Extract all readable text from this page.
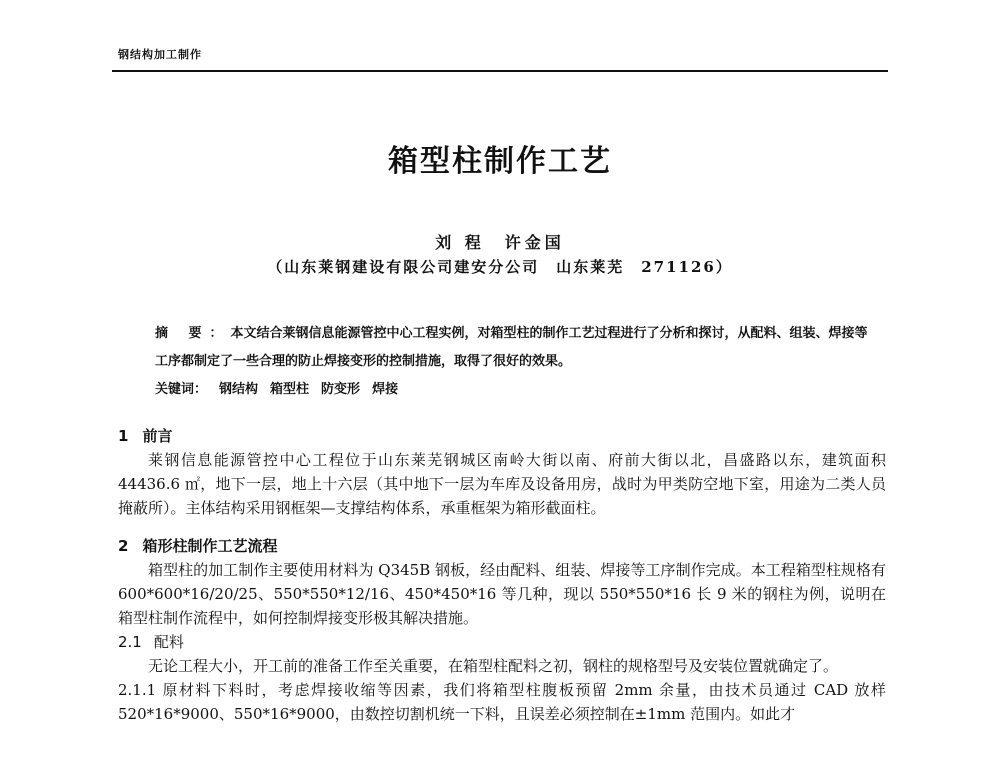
钢结构加工制作
箱型柱制作工艺
刘 程　许金国
（山东莱钢建设有限公司建安分公司　山东莱芜　271126）
摘 要：本文结合莱钢信息能源管控中心工程实例，对箱型柱的制作工艺过程进行了分析和探讨，从配料、组装、焊接等工序都制定了一些合理的防止焊接变形的控制措施，取得了很好的效果。
关键词： 钢结构 箱型柱 防变形 焊接
1 前言
莱钢信息能源管控中心工程位于山东莱芜钢城区南岭大街以南、府前大街以北，昌盛路以东，建筑面积 44436.6 ㎡，地下一层，地上十六层（其中地下一层为车库及设备用房，战时为甲类防空地下室，用途为二类人员掩蔽所）。主体结构采用钢框架—支撑结构体系，承重框架为箱形截面柱。
2 箱形柱制作工艺流程
箱型柱的加工制作主要使用材料为 Q345B 钢板，经由配料、组装、焊接等工序制作完成。本工程箱型柱规格有 600*600*16/20/25、550*550*12/16、450*450*16 等几种，现以 550*550*16 长 9 米的钢柱为例，说明在箱型柱制作流程中，如何控制焊接变形极其解决措施。
2.1 配料
无论工程大小，开工前的准备工作至关重要，在箱型柱配料之初，钢柱的规格型号及安装位置就确定了。
2.1.1 原材料下料时，考虑焊接收缩等因素，我们将箱型柱腹板预留 2mm 余量，由技术员通过 CAD 放样 520*16*9000、550*16*9000，由数控切割机统一下料，且误差必须控制在±1mm 范围内。如此才
